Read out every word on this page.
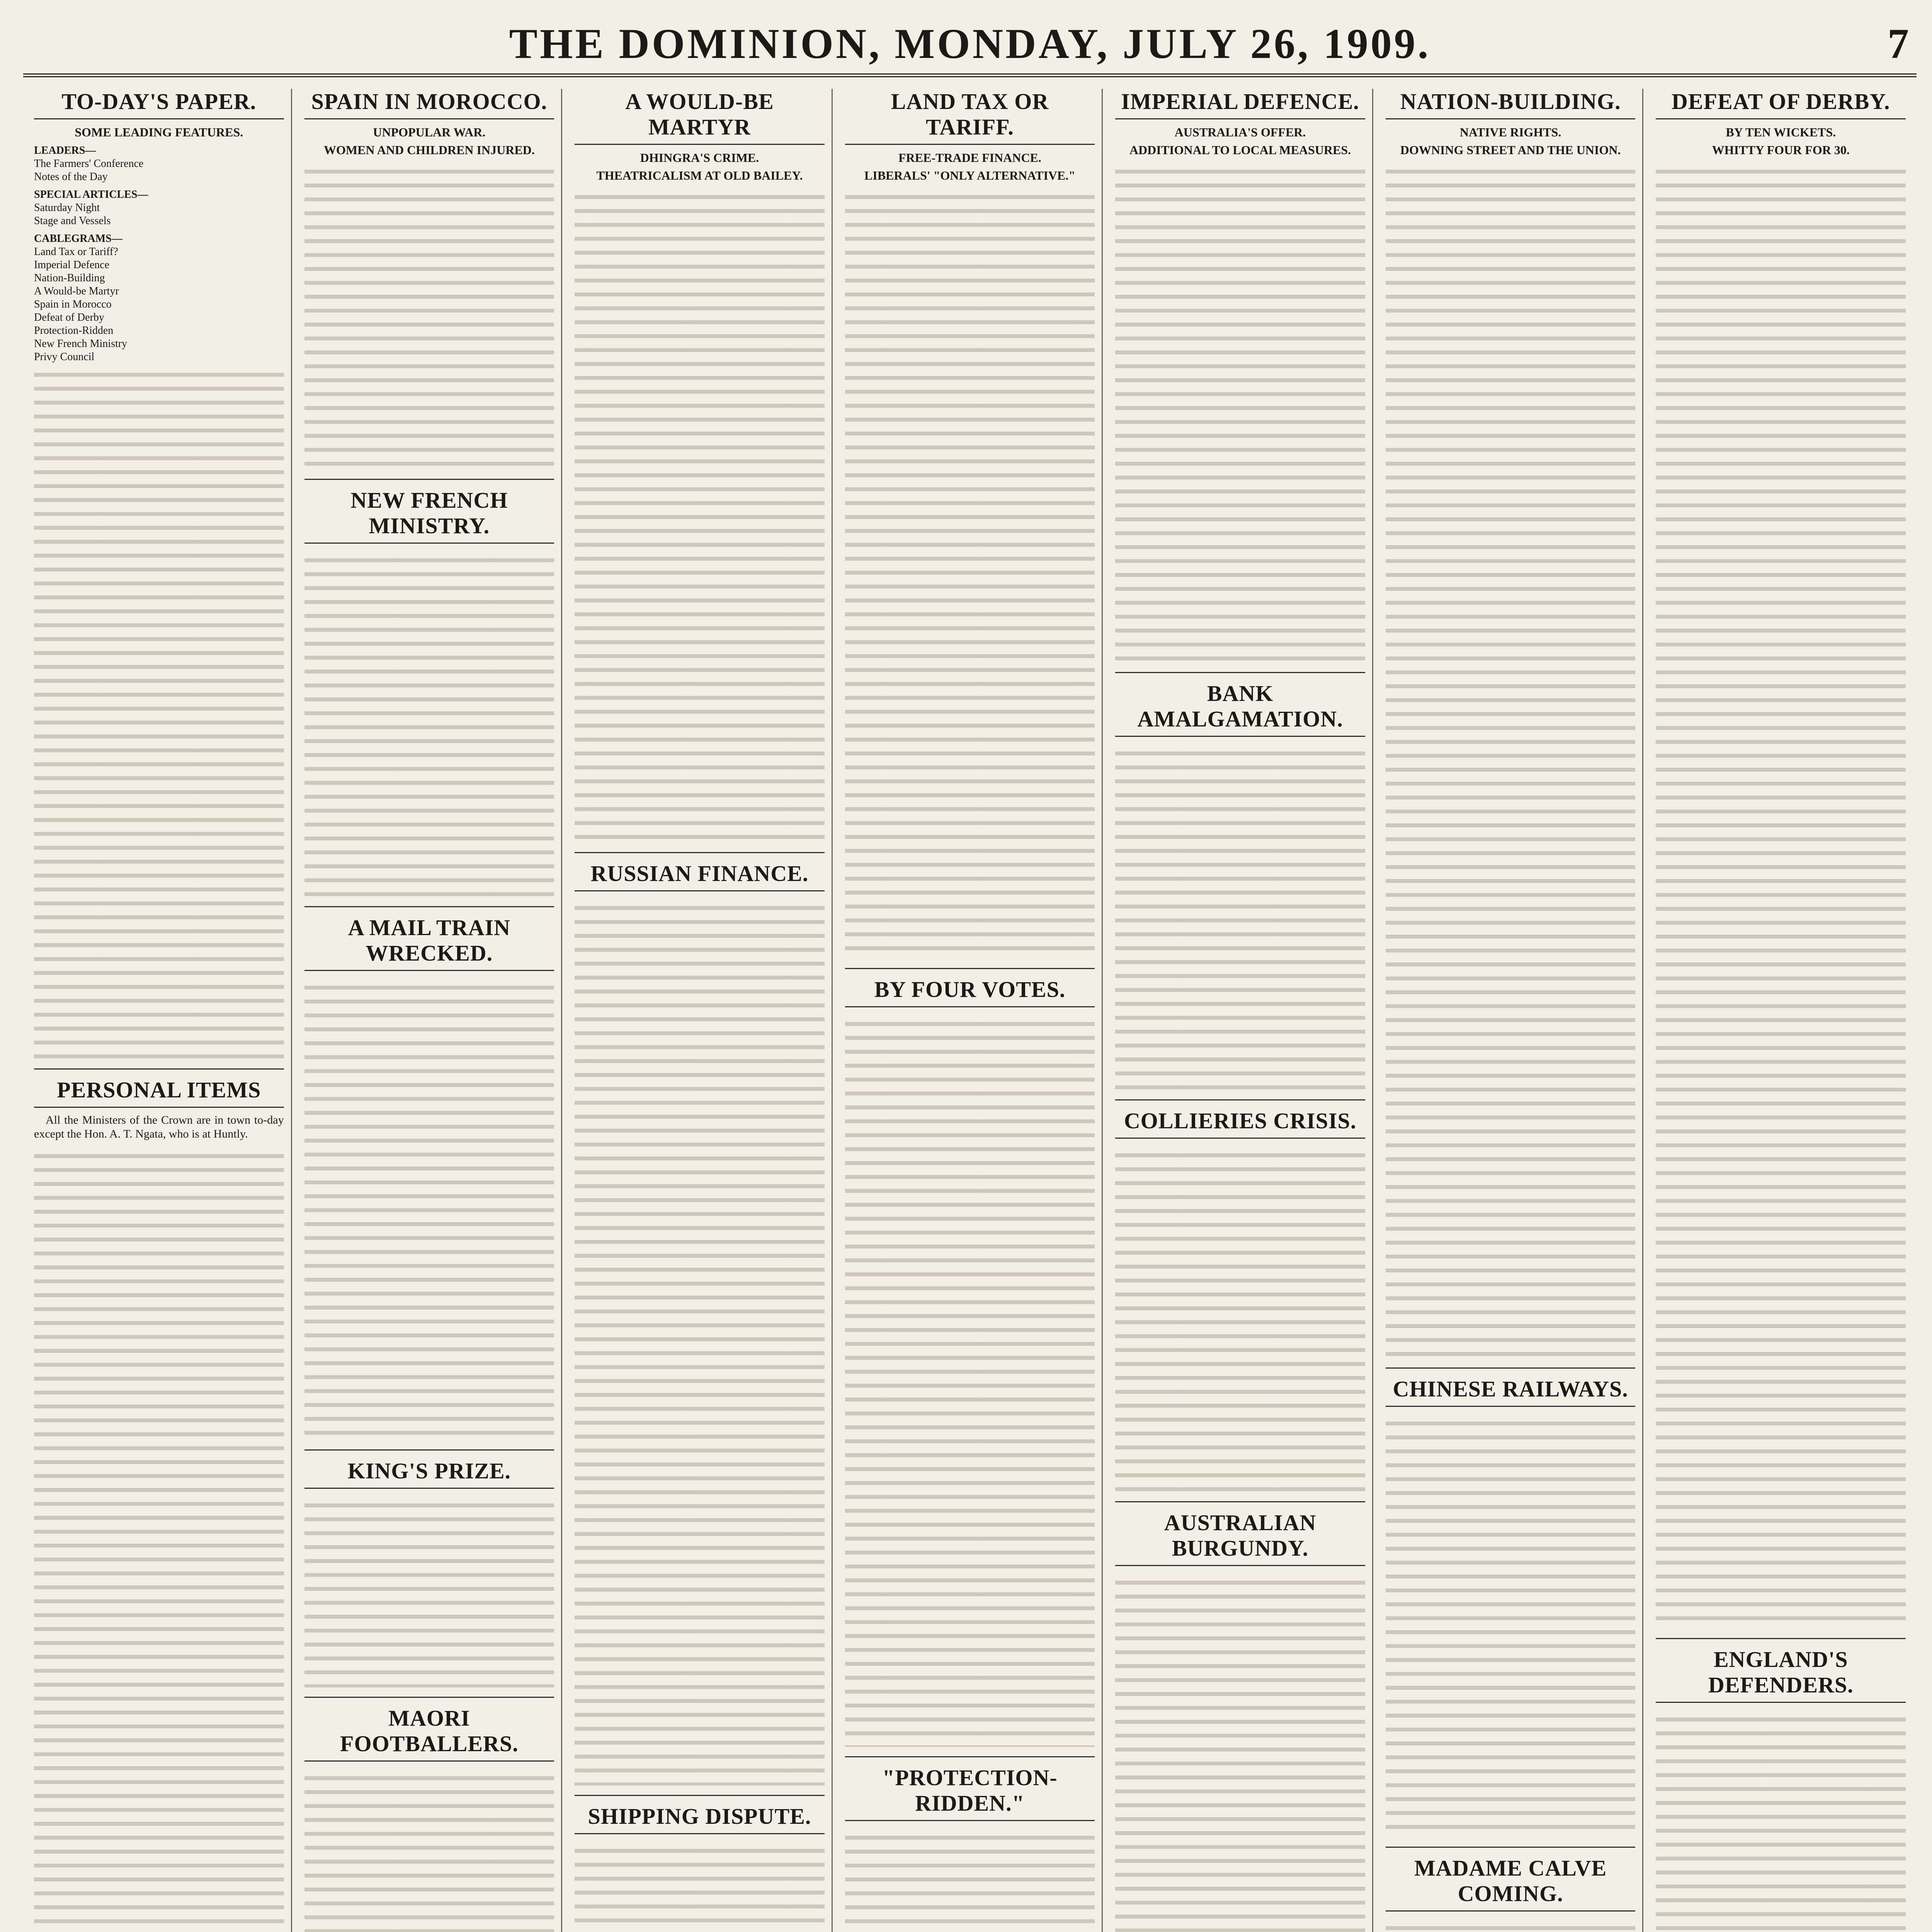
THE DOMINION, MONDAY, JULY 26, 1909.	7
TO-DAY'S PAPER.
SOME LEADING FEATURES.
LEADERS—
The Farmers' Conference
Notes of the Day
SPECIAL ARTICLES—
Saturday Night
Stage and Vessels
CABLEGRAMS—
Land Tax or Tariff?
Imperial Defence
Nation-Building
A Would-be Martyr
Spain in Morocco
Defeat of Derby
Protection-Ridden
New French Ministry
Privy Council
PERSONAL ITEMS

All the Ministers of the Crown are in town to-day except the Hon. A. T. Ngata, who is at Huntly.

SPAIN IN MOROCCO.
UNPOPULAR WAR.
WOMEN AND CHILDREN INJURED.
NEW FRENCH MINISTRY.
A MAIL TRAIN WRECKED.
KING'S PRIZE.
MAORI FOOTBALLERS.
A WOULD-BE MARTYR
DHINGRA'S CRIME.
THEATRICALISM AT OLD BAILEY.
RUSSIAN FINANCE.
SHIPPING DISPUTE.
LAND TAX OR TARIFF.
FREE-TRADE FINANCE.
LIBERALS' "ONLY ALTERNATIVE."
BY FOUR VOTES.
"PROTECTION-RIDDEN."
IMPERIAL DEFENCE.
AUSTRALIA'S OFFER.
ADDITIONAL TO LOCAL MEASURES.
BANK AMALGAMATION.
COLLIERIES CRISIS.
AUSTRALIAN BURGUNDY.
NATION-BUILDING.
NATIVE RIGHTS.
DOWNING STREET AND THE UNION.
CHINESE RAILWAYS.
MADAME CALVE COMING.
DEFEAT OF DERBY.
BY TEN WICKETS.
WHITTY FOUR FOR 30.
ENGLAND'S DEFENDERS.
